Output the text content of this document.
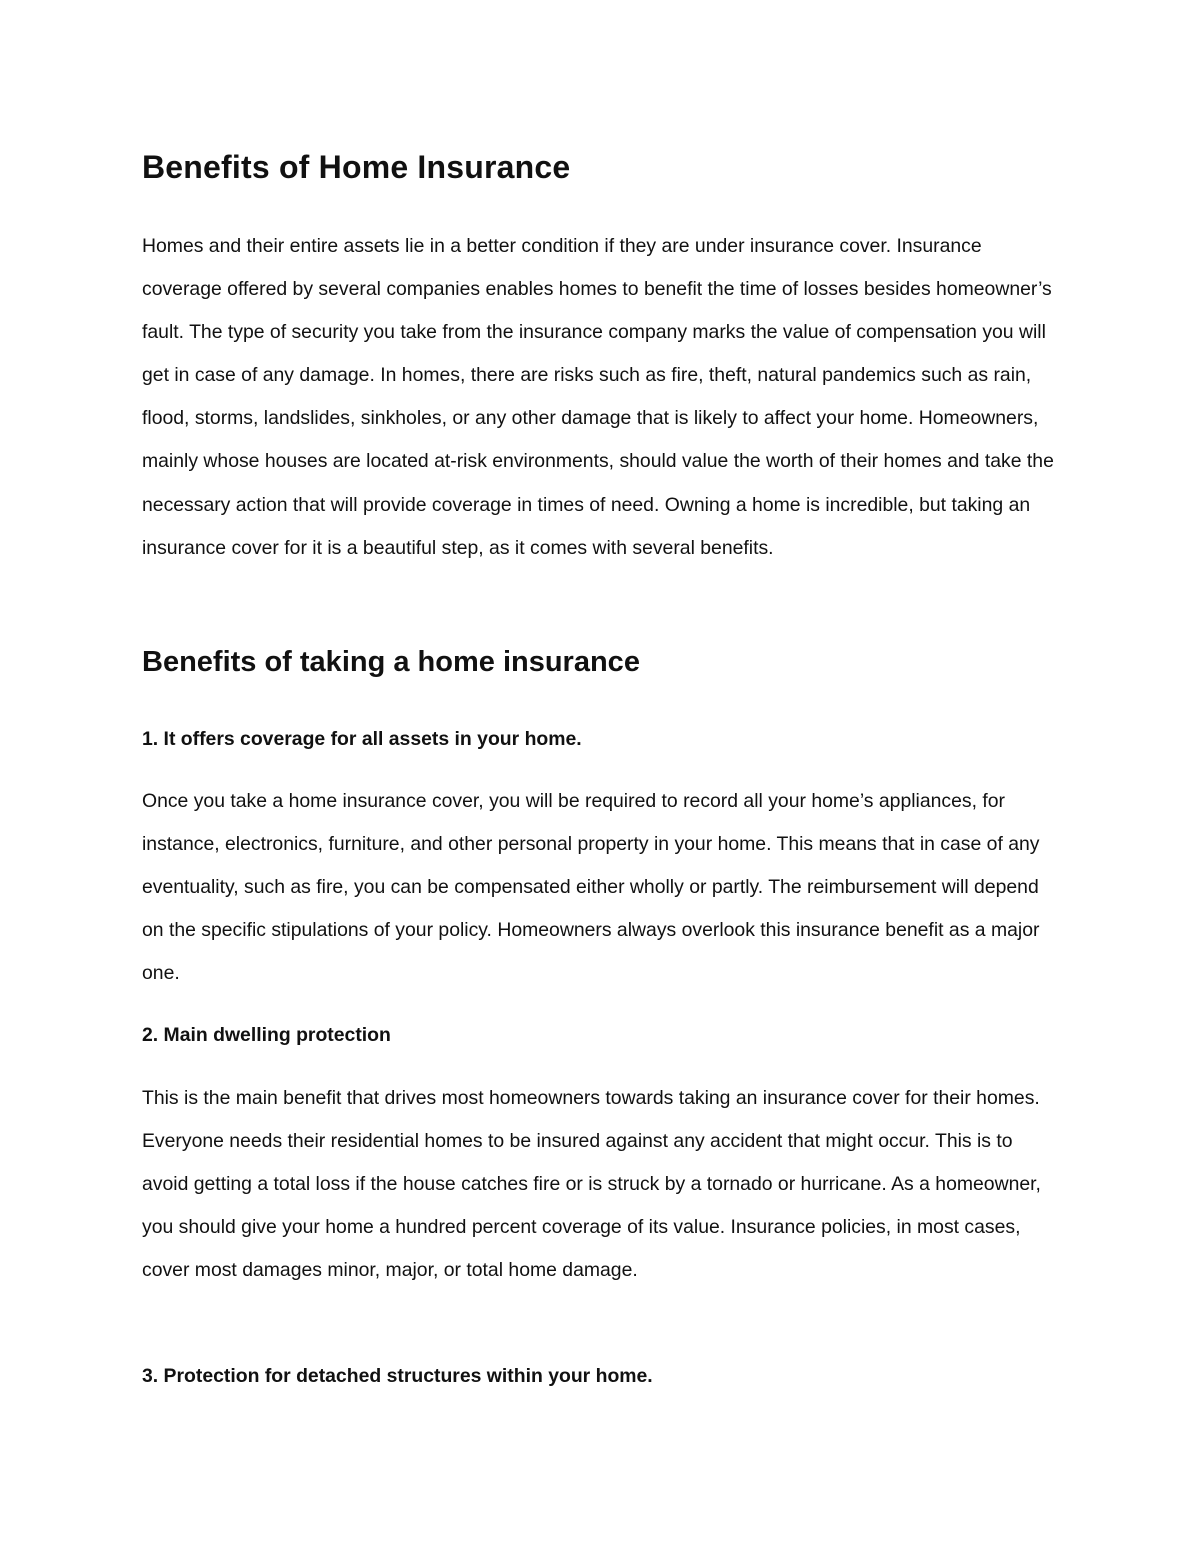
Benefits of Home Insurance

Homes and their entire assets lie in a better condition if they are under insurance cover. Insurance coverage offered by several companies enables homes to benefit the time of losses besides homeowner’s fault. The type of security you take from the insurance company marks the value of compensation you will get in case of any damage. In homes, there are risks such as fire, theft, natural pandemics such as rain, flood, storms, landslides, sinkholes, or any other damage that is likely to affect your home. Homeowners, mainly whose houses are located at-risk environments, should value the worth of their homes and take the necessary action that will provide coverage in times of need. Owning a home is incredible, but taking an insurance cover for it is a beautiful step, as it comes with several benefits.

Benefits of taking a home insurance

1. It offers coverage for all assets in your home.

Once you take a home insurance cover, you will be required to record all your home’s appliances, for instance, electronics, furniture, and other personal property in your home. This means that in case of any eventuality, such as fire, you can be compensated either wholly or partly. The reimbursement will depend on the specific stipulations of your policy. Homeowners always overlook this insurance benefit as a major one.

2. Main dwelling protection

This is the main benefit that drives most homeowners towards taking an insurance cover for their homes. Everyone needs their residential homes to be insured against any accident that might occur. This is to avoid getting a total loss if the house catches fire or is struck by a tornado or hurricane. As a homeowner, you should give your home a hundred percent coverage of its value. Insurance policies, in most cases, cover most damages minor, major, or total home damage.

3. Protection for detached structures within your home.
